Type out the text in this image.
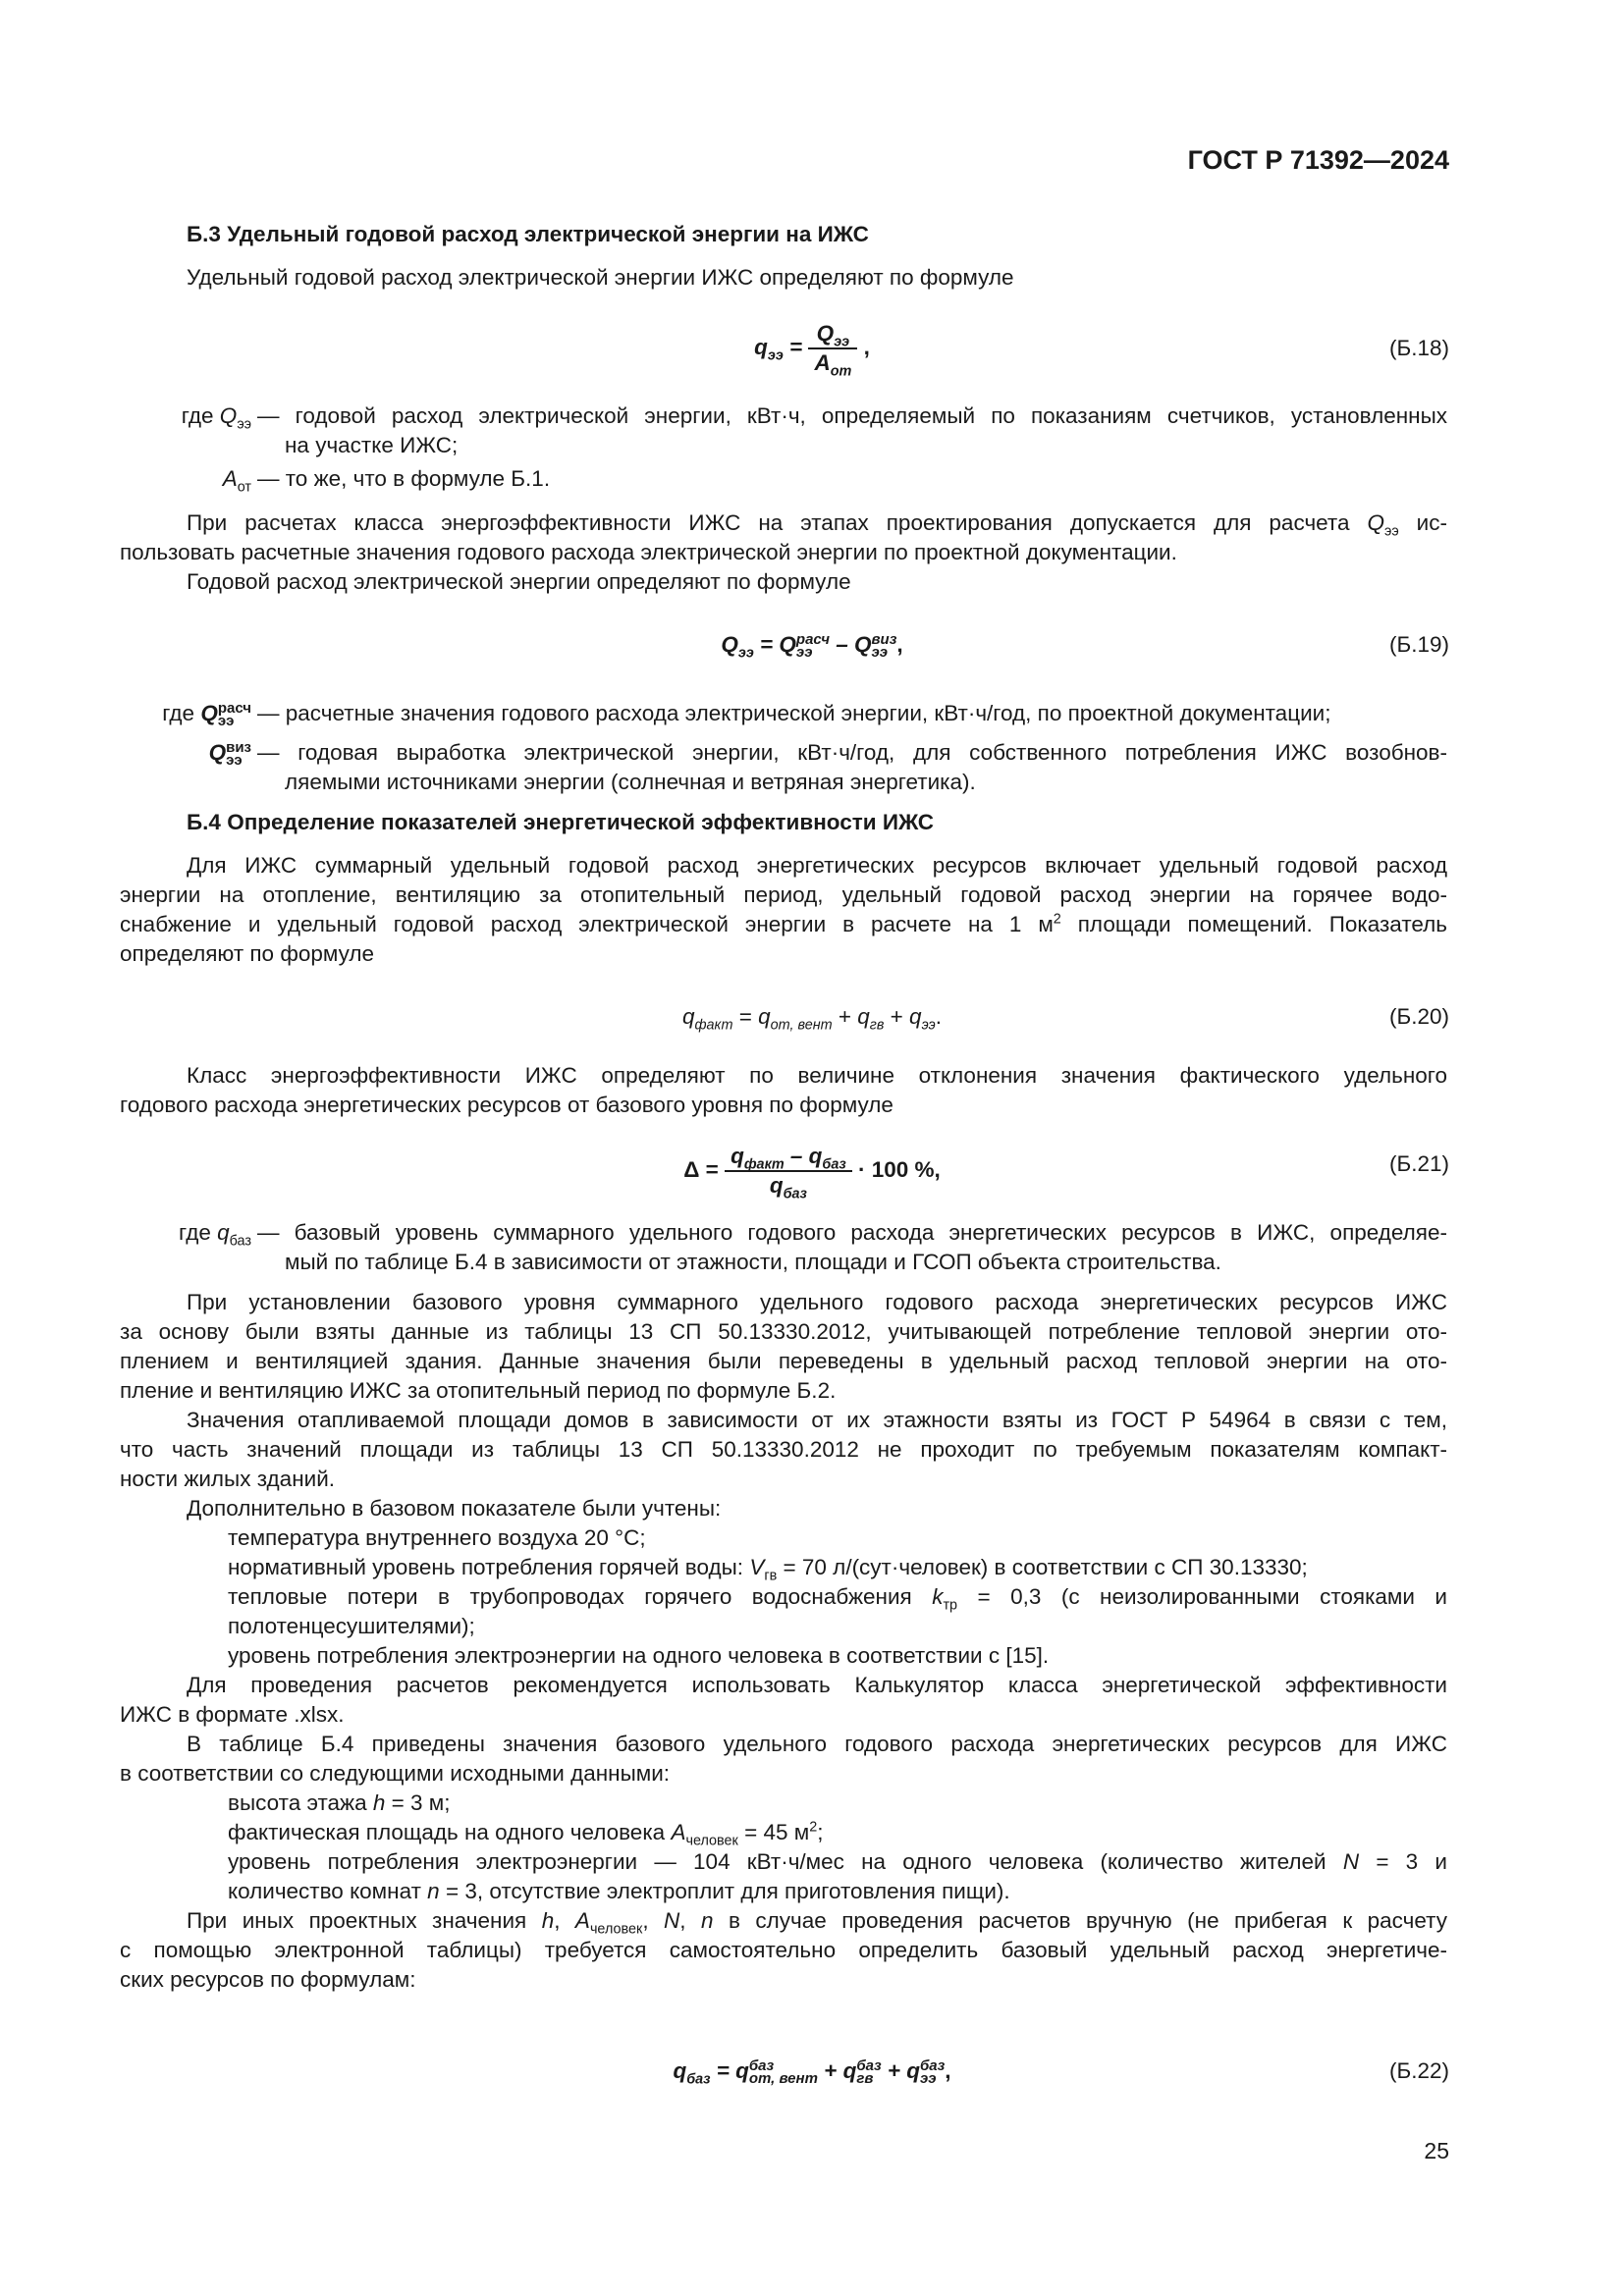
ГОСТ Р 71392—2024
Б.3 Удельный годовой расход электрической энергии на ИЖС
Удельный годовой расход электрической энергии ИЖС определяют по формуле
$q_{ээ} = \frac{Q_{ээ}}{A_{от}}$ ,	(Б.18)
где $Q_{ээ}$ — годовой расход электрической энергии, кВт·ч, определяемый по показаниям счетчиков, установленных
на участке ИЖС;
$A_{от}$ — то же, что в формуле Б.1.
При расчетах класса энергоэффективности ИЖС на этапах проектирования допускается для расчета $Q_{ээ}$ ис-
пользовать расчетные значения годового расхода электрической энергии по проектной документации.
Годовой расход электрической энергии определяют по формуле
$Q_{ээ} = Q$ расч
ээ – Q виз
ээ ,	(Б.19)
где Q расч
ээ	— расчетные значения годового расхода электрической энергии, кВт·ч/год, по проектной документации;
Q виз
ээ — годовая выработка электрической энергии, кВт·ч/год, для собственного потребления ИЖС возобнов-
ляемыми источниками энергии (солнечная и ветряная энергетика).
Б.4 Определение показателей энергетической эффективности ИЖС
Для ИЖС суммарный удельный годовой расход энергетических ресурсов включает удельный годовой расход
энергии на отопление, вентиляцию за отопительный период, удельный годовой расход энергии на горячее водо-
снабжение и удельный годовой расход электрической энергии в расчете на 1 $м^2$ площади помещений. Показатель
определяют по формуле
$q_{факт} = q_{от, вент} + q_{гв} + q_{ээ}$.	(Б.20)
Класс энергоэффективности ИЖС определяют по величине отклонения значения фактического удельного
годового расхода энергетических ресурсов от базового уровня по формуле
$\Delta = \frac{q_{факт} - q_{баз}}{q_{баз}} \cdot 100$ %,	(Б.21)
где $q_{баз}$ — базовый уровень суммарного удельного годового расхода энергетических ресурсов в ИЖС, определяе-
мый по таблице Б.4 в зависимости от этажности, площади и ГСОП объекта строительства.
При установлении базового уровня суммарного удельного годового расхода энергетических ресурсов ИЖС
за основу были взяты данные из таблицы 13 СП 50.13330.2012, учитывающей потребление тепловой энергии ото-
плением и вентиляцией здания. Данные значения были переведены в удельный расход тепловой энергии на ото-
пление и вентиляцию ИЖС за отопительный период по формуле Б.2.
Значения отапливаемой площади домов в зависимости от их этажности взяты из ГОСТ Р 54964 в связи с тем,
что часть значений площади из таблицы 13 СП 50.13330.2012 не проходит по требуемым показателям компакт-
ности жилых зданий.
Дополнительно в базовом показателе были учтены:
температура внутреннего воздуха 20 °С;
нормативный уровень потребления горячей воды: $V_{гв} = 70$ л/(сут·человек) в соответствии с СП 30.13330;
тепловые потери в трубопроводах горячего водоснабжения $k_{тр} = 0,3$ (с неизолированными стояками и
полотенцесушителями);
уровень потребления электроэнергии на одного человека в соответствии с [15].
Для проведения расчетов рекомендуется использовать Калькулятор класса энергетической эффективности
ИЖС в формате .xlsx.
В таблице Б.4 приведены значения базового удельного годового расхода энергетических ресурсов для ИЖС
в соответствии со следующими исходными данными:
высота этажа h = 3 м;
фактическая площадь на одного человека $A_{человек} = 45$ $м^2$;
уровень потребления электроэнергии — 104 кВт·ч/мес на одного человека (количество жителей N = 3 и
количество комнат n = 3, отсутствие электроплит для приготовления пищи).
При иных проектных значения h, $A_{человек}$, N, n в случае проведения расчетов вручную (не прибегая к расчету
с помощью электронной таблицы) требуется самостоятельно определить базовый удельный расход энергетиче-
ских ресурсов по формулам:
$q_{баз} = q$ баз
от, вент + q баз
гв + q баз
ээ ,	(Б.22)
25
